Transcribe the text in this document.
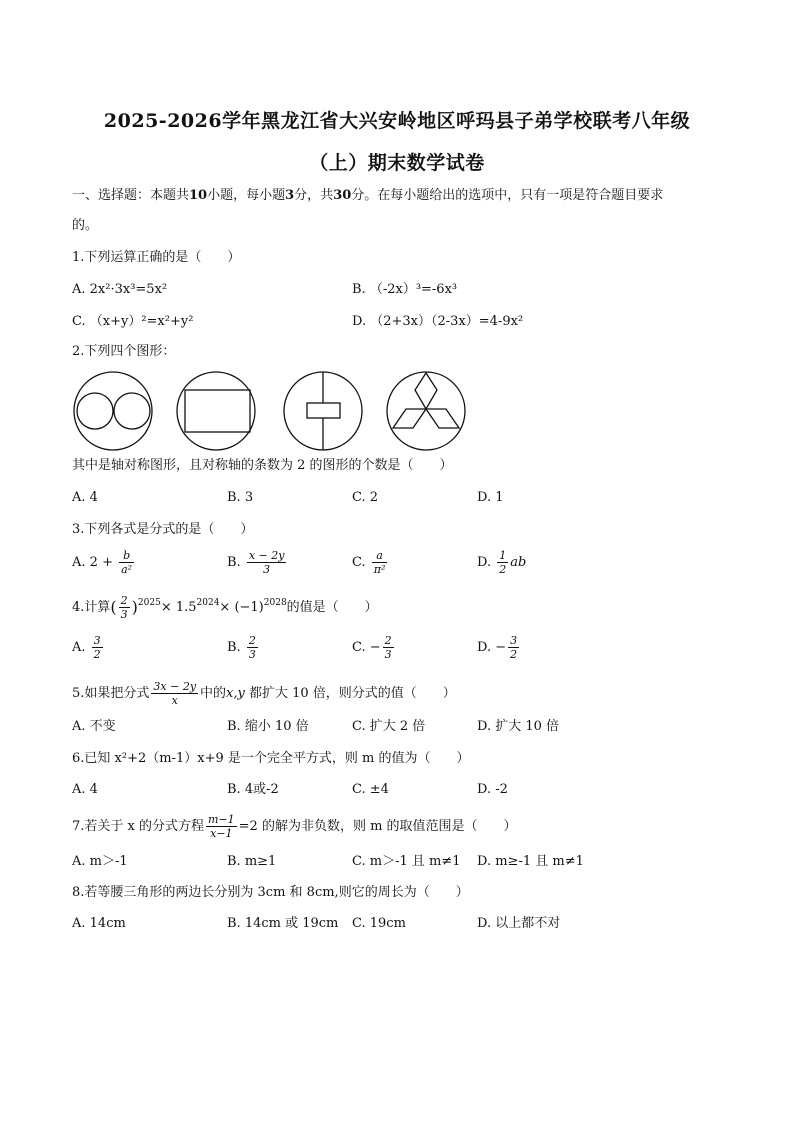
2025-2026学年黑龙江省大兴安岭地区呼玛县子弟学校联考八年级
（上）期末数学试卷
一、选择题：本题共10小题，每小题3分，共30分。在每小题给出的选项中，只有一项是符合题目要求
的。
1.下列运算正确的是（　　）
A. 2x²·3x³=5x²	B. （-2x）³=-6x³
C. （x+y）²=x²+y²	D. （2+3x）（2-3x）=4-9x²
2.下列四个图形：
其中是轴对称图形，且对称轴的条数为 2 的图形的个数是（　　）
A. 4	B. 3	C. 2	D. 1
3.下列各式是分式的是（　　）
A. $2 + \frac{b}{\text{a²}}$	B. $\frac{x - 2y}{3}$	C. $\frac{a}{\text{π²}}$	D. $\frac{1}{2}$ ab
4.计算( $\frac{2}{3} )^{2025}\times 1.5^{2024}\times (-1)^{2028}$的值是（　　）
A. $\frac{3}{2}$	B. $\frac{2}{3}$	C. − $\frac{2}{3}$	D. − $\frac{3}{2}$
5.如果把分式 $\frac{3x - 2y}{x}$ 中的x,y 都扩大 10 倍，则分式的值（　　）
A. 不变	B. 缩小 10 倍	C. 扩大 2 倍	D. 扩大 10 倍
6.已知 x²+2（m-1）x+9 是一个完全平方式，则 m 的值为（　　）
A. 4	B. 4或-2	C. ±4	D. -2
7.若关于 x 的分式方程 $\frac{m-1}{x-1} =2$ 的解为非负数，则 m 的取值范围是（　　）
A. m＞-1	B. m≥1	C. m＞-1 且 m≠1 D. m≥-1 且 m≠1
8.若等腰三角形的两边长分别为 3cm 和 8cm,则它的周长为（　　）
A. 14cm	B. 14cm 或 19cm C. 19cm	D. 以上都不对
